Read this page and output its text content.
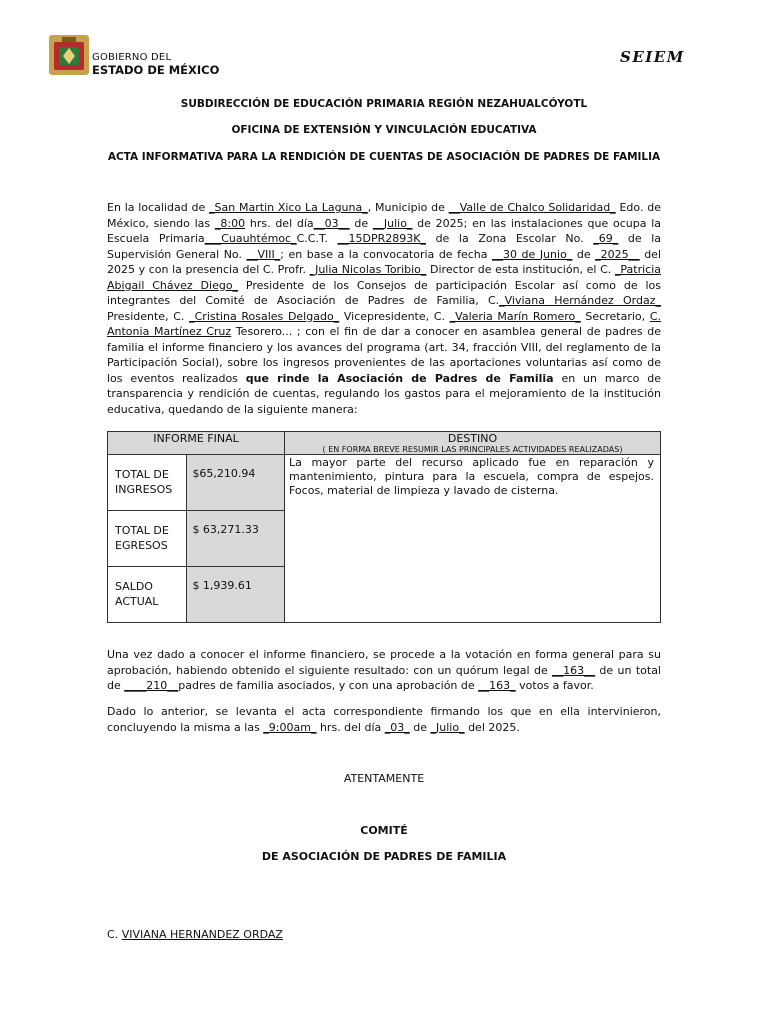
GOBIERNO DEL
ESTADO DE MÉXICO
SEIEM
SUBDIRECCIÓN DE EDUCACIÓN PRIMARIA REGIÓN NEZAHUALCÓYOTL
OFICINA DE EXTENSIÓN Y VINCULACIÓN EDUCATIVA
ACTA INFORMATIVA PARA LA RENDICIÓN DE CUENTAS DE ASOCIACIÓN DE PADRES DE FAMILIA
En la localidad de _San Martin Xico La Laguna_, Municipio de __Valle de Chalco Solidaridad_ Edo. de México, siendo las _8:00 hrs. del día__03__ de __Julio_ de 2025; en las instalaciones que ocupa la Escuela Primaria___Cuauhtémoc_C.C.T. __15DPR2893K_ de la Zona Escolar No. _69_ de la Supervisión General No. __VIII_; en base a la convocatoria de fecha __30 de Junio_ de _2025__ del 2025 y con la presencia del C. Profr. _Julia Nicolas Toribio_ Director de esta institución, el C. _Patricia Abigail Chávez Diego_ Presidente de los Consejos de participación Escolar así como de los integrantes del Comité de Asociación de Padres de Familia, C._Viviana Hernández Ordaz_ Presidente, C. _Cristina Rosales Delgado_ Vicepresidente, C. _Valeria Marín Romero_ Secretario, C. Antonia Martínez Cruz Tesorero... ; con el fin de dar a conocer en asamblea general de padres de familia el informe financiero y los avances del programa (art. 34, fracción VIII, del reglamento de la Participación Social), sobre los ingresos provenientes de las aportaciones voluntarias así como de los eventos realizados que rinde la Asociación de Padres de Familia en un marco de transparencia y rendición de cuentas, regulando los gastos para el mejoramiento de la institución educativa, quedando de la siguiente manera:
INFORME FINAL		DESTINO
( EN FORMA BREVE RESUMIR LAS PRINCIPALES ACTIVIDADES REALIZADAS)

TOTAL DE INGRESOS	$65,210.94	La mayor parte del recurso aplicado fue en reparación y mantenimiento, pintura para la escuela, compra de espejos. Focos, material de limpieza y lavado de cisterna.
TOTAL DE EGRESOS	$ 63,271.33	
SALDO ACTUAL	$ 1,939.61	
Una vez dado a conocer el informe financiero, se procede a la votación en forma general para su aprobación, habiendo obtenido el siguiente resultado: con un quórum legal de __163__ de un total de ____210__padres de familia asociados, y con una aprobación de __163_ votos a favor.
Dado lo anterior, se levanta el acta correspondiente firmando los que en ella intervinieron, concluyendo la misma a las _9:00am_ hrs. del día _03_ de _Julio_ del 2025.
ATENTAMENTE
COMITÉ
DE ASOCIACIÓN DE PADRES DE FAMILIA
C. VIVIANA HERNANDEZ ORDAZ
